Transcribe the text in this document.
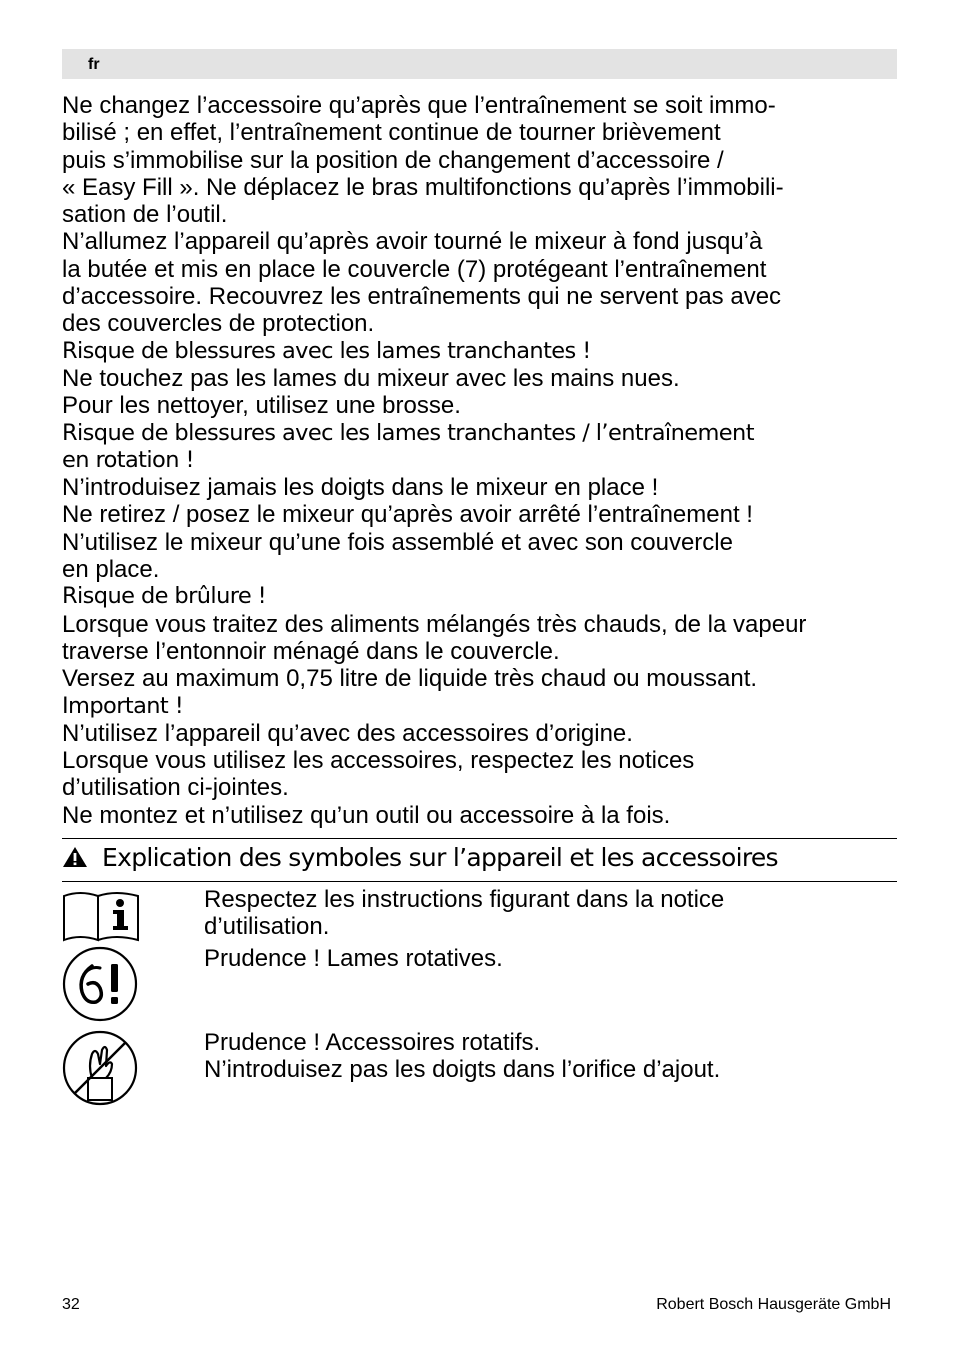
fr
Ne changez l’accessoire qu’après que l’entraînement se soit immo-
bilisé ; en effet, l’entraînement continue de tourner brièvement
puis s’immobilise sur la position de changement d’accessoire /
« Easy Fill ». Ne déplacez le bras multifonctions qu’après l’immobili-
sation de l’outil.
N’allumez l’appareil qu’après avoir tourné le mixeur à fond jusqu’à
la butée et mis en place le couvercle (7) protégeant l’entraînement
d’accessoire. Recouvrez les entraînements qui ne servent pas avec
des couvercles de protection.
Risque de blessures avec les lames tranchantes !
Ne touchez pas les lames du mixeur avec les mains nues.
Pour les nettoyer, utilisez une brosse.
Risque de blessures avec les lames tranchantes / l’entraînement
en rotation !
N’introduisez jamais les doigts dans le mixeur en place !
Ne retirez / posez le mixeur qu’après avoir arrêté l’entraînement !
N’utilisez le mixeur qu’une fois assemblé et avec son couvercle
en place.
Risque de brûlure !
Lorsque vous traitez des aliments mélangés très chauds, de la vapeur
traverse l’entonnoir ménagé dans le couvercle.
Versez au maximum 0,75 litre de liquide très chaud ou moussant.
Important !
N’utilisez l’appareil qu’avec des accessoires d’origine.
Lorsque vous utilisez les accessoires, respectez les notices
d’utilisation ci-jointes.
Ne montez et n’utilisez qu’un outil ou accessoire à la fois.
Explication des symboles sur l’appareil et les accessoires
Respectez les instructions figurant dans la notice
d’utilisation.
Prudence ! Lames rotatives.
Prudence ! Accessoires rotatifs.
N’introduisez pas les doigts dans l’orifice d’ajout.
32	Robert Bosch Hausgeräte GmbH
